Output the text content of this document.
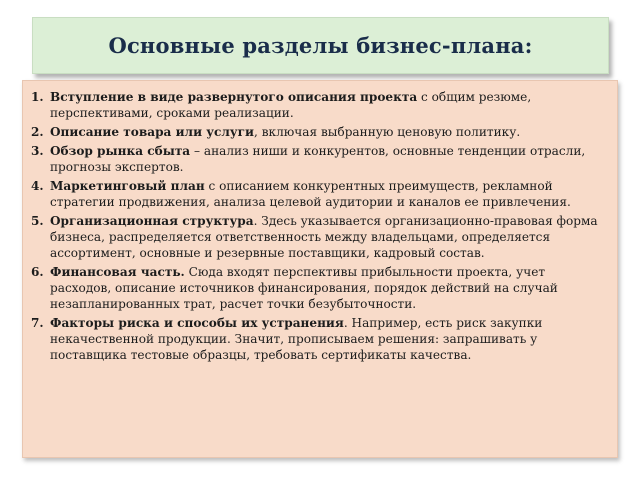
Основные разделы бизнес-плана:
1. Вступление в виде развернутого описания проекта с общим резюме, перспективами, сроками реализации.
2. Описание товара или услуги, включая выбранную ценовую политику.
3. Обзор рынка сбыта – анализ ниши и конкурентов, основные тенденции отрасли, прогнозы экспертов.
4. Маркетинговый план с описанием конкурентных преимуществ, рекламной стратегии продвижения, анализа целевой аудитории и каналов ее привлечения.
5. Организационная структура. Здесь указывается организационно-правовая форма бизнеса, распределяется ответственность между владельцами, определяется ассортимент, основные и резервные поставщики, кадровый состав.
6. Финансовая часть. Сюда входят перспективы прибыльности проекта, учет расходов, описание источников финансирования, порядок действий на случай незапланированных трат, расчет точки безубыточности.
7. Факторы риска и способы их устранения. Например, есть риск закупки некачественной продукции. Значит, прописываем решения: запрашивать у поставщика тестовые образцы, требовать сертификаты качества.
